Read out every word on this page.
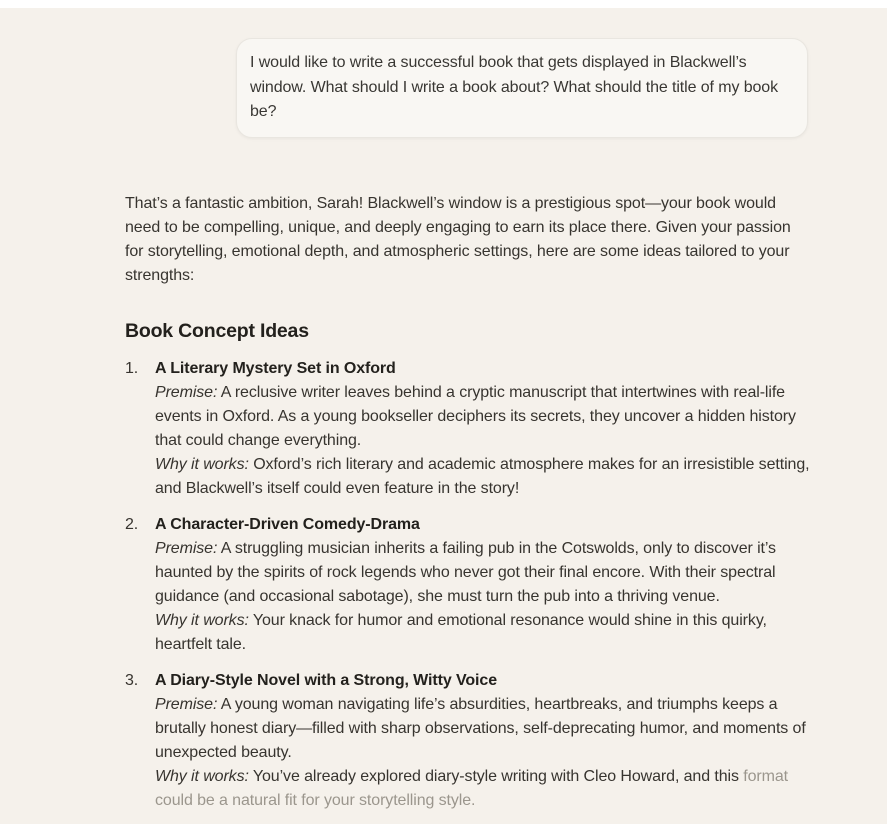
I would like to write a successful book that gets displayed in Blackwell’s window. What should I write a book about? What should the title of my book be?

That’s a fantastic ambition, Sarah! Blackwell’s window is a prestigious spot—your book would need to be compelling, unique, and deeply engaging to earn its place there. Given your passion for storytelling, emotional depth, and atmospheric settings, here are some ideas tailored to your strengths:

Book Concept Ideas
1.	A Literary Mystery Set in Oxford
Premise: A reclusive writer leaves behind a cryptic manuscript that intertwines with real-life events in Oxford. As a young bookseller deciphers its secrets, they uncover a hidden history that could change everything.
Why it works: Oxford’s rich literary and academic atmosphere makes for an irresistible setting, and Blackwell’s itself could even feature in the story!
2.	A Character-Driven Comedy-Drama
Premise: A struggling musician inherits a failing pub in the Cotswolds, only to discover it’s haunted by the spirits of rock legends who never got their final encore. With their spectral guidance (and occasional sabotage), she must turn the pub into a thriving venue.
Why it works: Your knack for humor and emotional resonance would shine in this quirky, heartfelt tale.
3.	A Diary-Style Novel with a Strong, Witty Voice
Premise: A young woman navigating life’s absurdities, heartbreaks, and triumphs keeps a brutally honest diary—filled with sharp observations, self-deprecating humor, and moments of unexpected beauty.
Why it works: You’ve already explored diary-style writing with Cleo Howard, and this format could be a natural fit for your storytelling style.
